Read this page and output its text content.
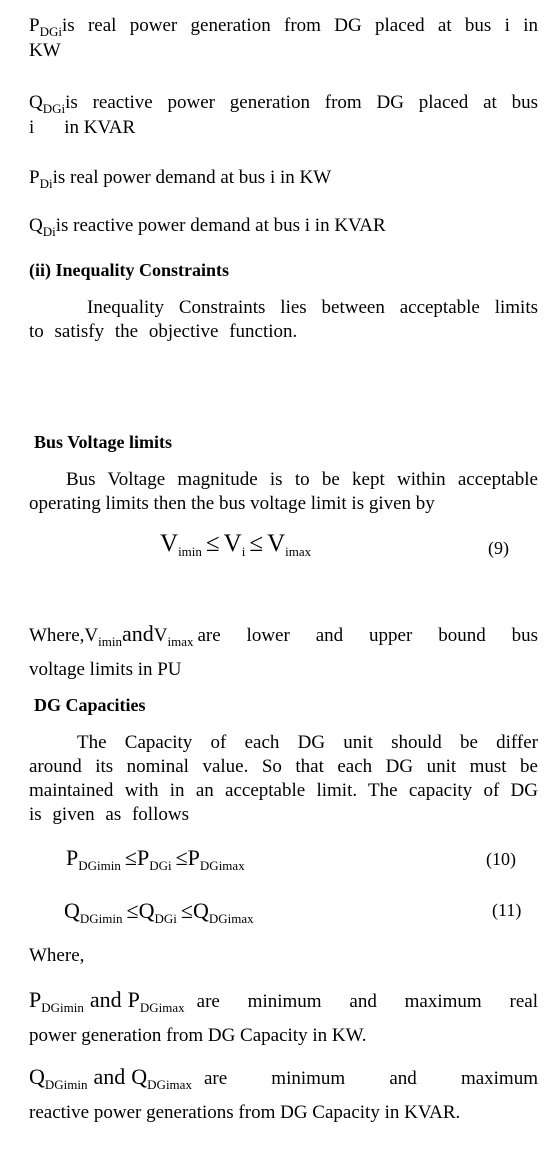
$P_{DGi}is$ real power generation from DG placed at bus i in

KW

$Q_{DGi}is$ reactive power generation from DG placed at bus

i in KVAR

$P_{Di}is$ real power demand at bus i in KW

$Q_{Di}is$ reactive power demand at bus i in KVAR

(ii) Inequality Constraints

Inequality Constraints lies between acceptable limits to satisfy the objective function.

Bus Voltage limits

Bus Voltage magnitude is to be kept within acceptable operating limits then the bus voltage limit is given by

$V_{imin} \le V_i \le V_{imax}$	(9)

Where, $V_{imin}$ and $V_{imax}$ are lower and upper bound bus

voltage limits in PU

DG Capacities

The Capacity of each DG unit should be differ around its nominal value. So that each DG unit must be maintained with in an acceptable limit. The capacity of DG is given as follows

$P_{DGimin} \le P_{DGi} \le P_{DGimax}$	(10)
$Q_{DGimin} \le Q_{DGi} \le Q_{DGimax}$	(11)

Where,

$P_{DGimin}$ and $P_{DGimax}$ are minimum and maximum real

power generation from DG Capacity in KW.

$Q_{DGimin}$ and $Q_{DGimax}$ are minimum and maximum

reactive power generations from DG Capacity in KVAR.
